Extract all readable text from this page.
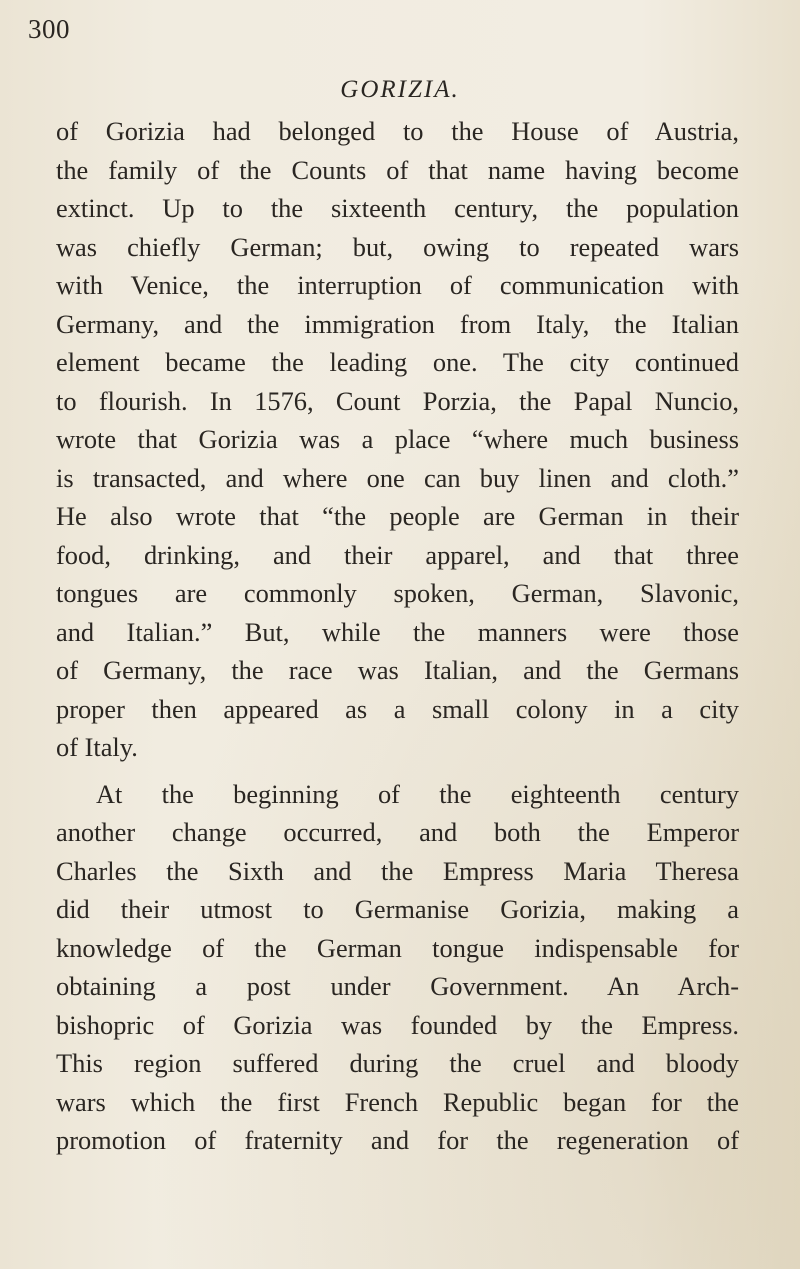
300
GORIZIA.
of Gorizia had belonged to the House of Austria,
the family of the Counts of that name having become
extinct. Up to the sixteenth century, the population
was chiefly German; but, owing to repeated wars
with Venice, the interruption of communication with
Germany, and the immigration from Italy, the Italian
element became the leading one. The city continued
to flourish. In 1576, Count Porzia, the Papal Nuncio,
wrote that Gorizia was a place “where much business
is transacted, and where one can buy linen and cloth.”
He also wrote that “the people are German in their
food, drinking, and their apparel, and that three
tongues are commonly spoken, German, Slavonic,
and Italian.” But, while the manners were those
of Germany, the race was Italian, and the Germans
proper then appeared as a small colony in a city
of Italy.
At the beginning of the eighteenth century
another change occurred, and both the Emperor
Charles the Sixth and the Empress Maria Theresa
did their utmost to Germanise Gorizia, making a
knowledge of the German tongue indispensable for
obtaining a post under Government. An Arch-
bishopric of Gorizia was founded by the Empress.
This region suffered during the cruel and bloody
wars which the first French Republic began for the
promotion of fraternity and for the regeneration of
